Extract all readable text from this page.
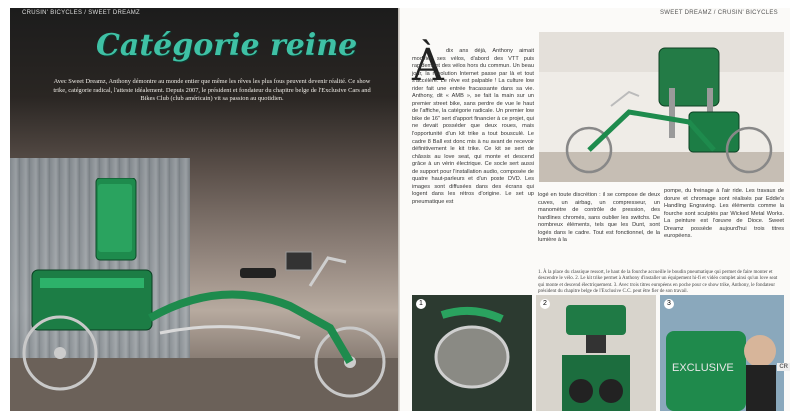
CRUSIN' BICYCLES / SWEET DREAMZ
Catégorie reine
Avec Sweet Dreamz, Anthony démontre au monde entier que même les rêves les plus fous peuvent devenir réalité. Ce show trike, catégorie radical, l'atteste idéalement. Depuis 2007, le président et fondateur du chapitre belge de l'Exclusive Cars and Bikes Club (club américain) vit sa passion au quotidien.
SWEET DREAMZ / CRUSIN' BICYCLES
À dix ans déjà, Anthony aimait modifier ses vélos, d'abord des VTT puis rapidement des vélos hors du commun. Un beau jour, la révolution Internet passe par là et tout s'accélère. Le rêve est palpable ! La culture low rider fait une entrée fracassante dans sa vie. Anthony, dit « AMB », se fait la main sur un premier street bike, sans perdre de vue le haut de l'affiche, la catégorie radicale. Un premier low bike de 16" sert d'apport financier à ce projet, qui ne devait posséder que deux roues, mais l'opportunité d'un kit trike a tout bousculé. Le cadre 8 Ball est donc mis à nu avant de recevoir définitivement le kit trike. Ce kit se sert de châssis au love seat, qui monte et descend grâce à un vérin électrique. Ce socle sert aussi de support pour l'installation audio, composée de quatre haut-parleurs et d'un poste DVD. Les images sont diffusées dans des écrans qui logent dans les rétros d'origine. Le set up pneumatique est
logé en toute discrétion : il se compose de deux cuves, un airbag, un compresseur, un manomètre de contrôle de pression, des hardlines chromés, sans oublier les switchs. De nombreux éléments, tels que les Dunt, sont logés dans le cadre. Tout est fonctionnel, de la lumière à la
pompe, du freinage à l'air ride. Les travaux de dorure et chromage sont réalisés par Eddie's Handling Engraving. Les éléments comme la fourche sont sculptés par Wicked Metal Works. La peinture est l'œuvre de Dioce. Sweet Dreamz possède aujourd'hui trois titres européens.
1. À la place du classique ressort, le haut de la fourche accueille le boudin pneumatique qui permet de faire monter et descendre le vélo. 2. Le kit trike permet à Anthony d'installer un équipement hi-fi et vidéo complet ainsi qu'un love seat qui monte et descend électriquement. 3. Avec trois titres européens en poche pour ce show trike, Anthony, le fondateur président du chapitre belge de l'Exclusive C.C. peut être fier de son travail.
EXCLUSIVE
1	2	3
CR
